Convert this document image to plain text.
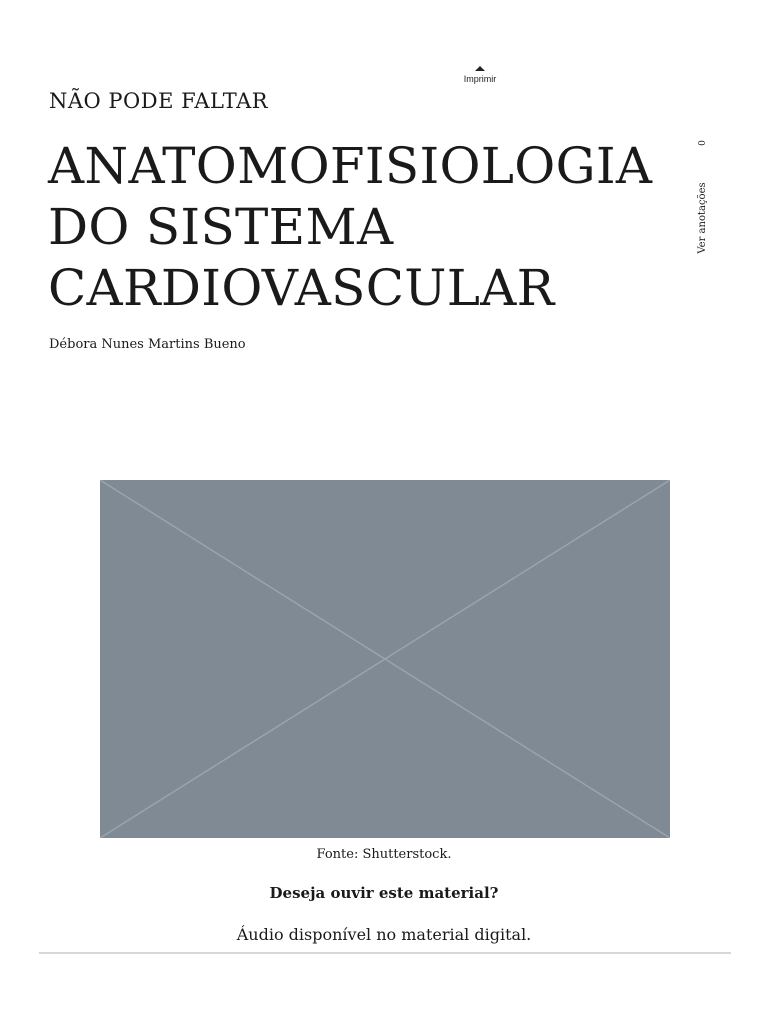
Imprimir
NÃO PODE FALTAR
ANATOMOFISIOLOGIA
DO SISTEMA
CARDIOVASCULAR
Débora Nunes Martins Bueno
0
Ver anotações
Fonte: Shutterstock.
Deseja ouvir este material?
Áudio disponível no material digital.
